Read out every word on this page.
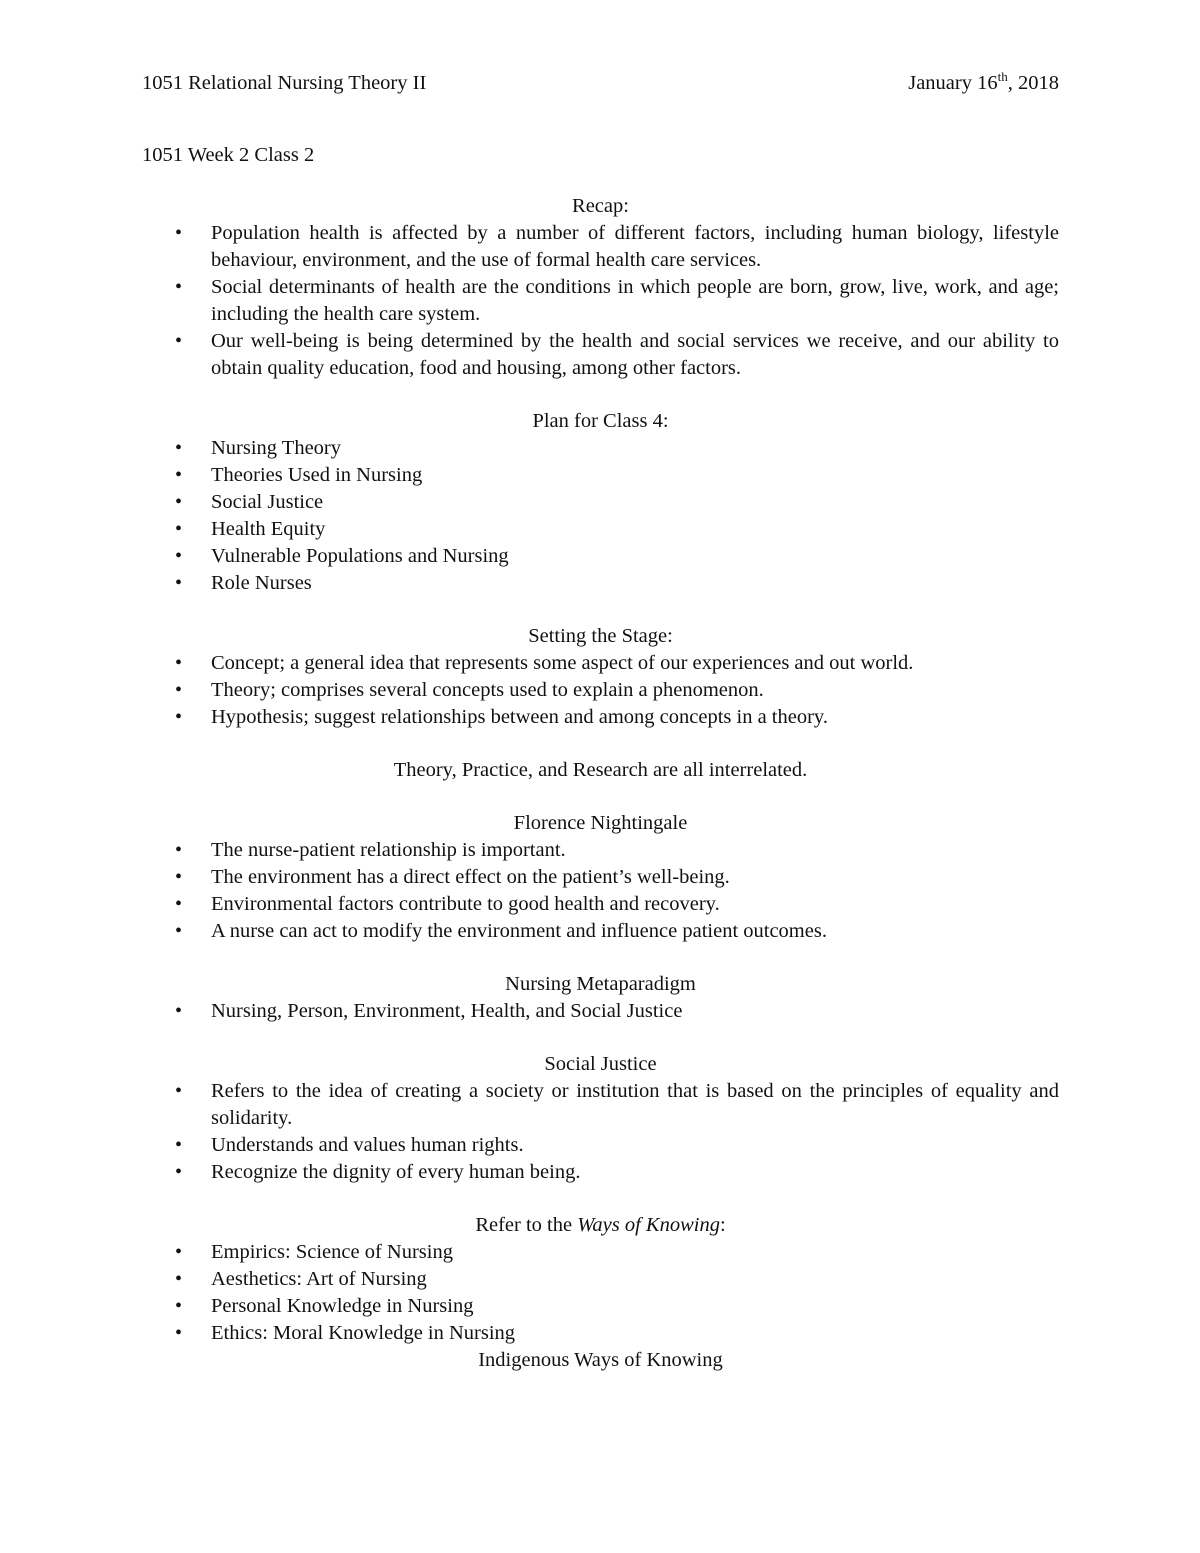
1051 Relational Nursing Theory II	January 16th, 2018
1051 Week 2 Class 2
Recap:
• Population health is affected by a number of different factors, including human biology, lifestyle behaviour, environment, and the use of formal health care services.
• Social determinants of health are the conditions in which people are born, grow, live, work, and age; including the health care system.
• Our well-being is being determined by the health and social services we receive, and our ability to obtain quality education, food and housing, among other factors.
Plan for Class 4:
• Nursing Theory
• Theories Used in Nursing
• Social Justice
• Health Equity
• Vulnerable Populations and Nursing
• Role Nurses
Setting the Stage:
• Concept; a general idea that represents some aspect of our experiences and out world.
• Theory; comprises several concepts used to explain a phenomenon.
• Hypothesis; suggest relationships between and among concepts in a theory.
Theory, Practice, and Research are all interrelated.
Florence Nightingale
• The nurse-patient relationship is important.
• The environment has a direct effect on the patient’s well-being.
• Environmental factors contribute to good health and recovery.
• A nurse can act to modify the environment and influence patient outcomes.
Nursing Metaparadigm
• Nursing, Person, Environment, Health, and Social Justice
Social Justice
• Refers to the idea of creating a society or institution that is based on the principles of equality and solidarity.
• Understands and values human rights.
• Recognize the dignity of every human being.
Refer to the Ways of Knowing:
• Empirics: Science of Nursing
• Aesthetics: Art of Nursing
• Personal Knowledge in Nursing
• Ethics: Moral Knowledge in Nursing
Indigenous Ways of Knowing
